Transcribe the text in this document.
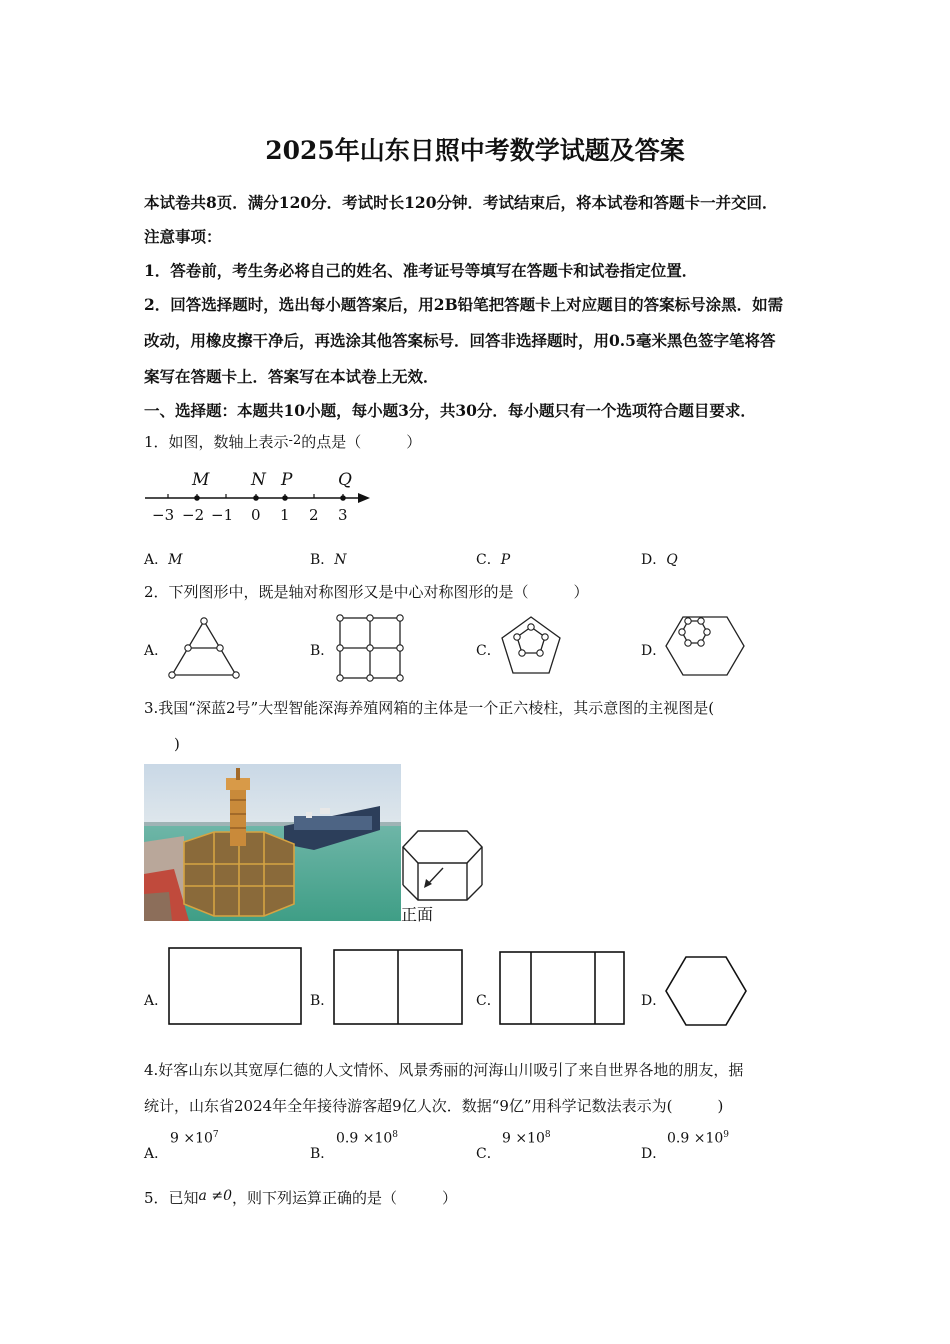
2025年山东日照中考数学试题及答案
本试卷共8页．满分120分．考试时长120分钟．考试结束后，将本试卷和答题卡一并交回．
注意事项：
1．答卷前，考生务必将自己的姓名、准考证号等填写在答题卡和试卷指定位置．
2．回答选择题时，选出每小题答案后，用2B铅笔把答题卡上对应题目的答案标号涂黑．如需
改动，用橡皮擦干净后，再选涂其他答案标号．回答非选择题时，用0.5毫米黑色签字笔将答
案写在答题卡上．答案写在本试卷上无效．
一、选择题：本题共10小题，每小题3分，共30分．每小题只有一个选项符合题目要求．
1．如图，数轴上表示-2的点是（　　　）
M N P	Q
−3 −2 −1 0 1 2 3
A．M	B．N	C．P	D．Q
2．下列图形中，既是轴对称图形又是中心对称图形的是（　　　）
A．	B．	C．	D．
3.我国“深蓝2号”大型智能深海养殖网箱的主体是一个正六棱柱，其示意图的主视图是(
　　)
正面
A．	B．	C．	D．
4.好客山东以其宽厚仁德的人文情怀、风景秀丽的河海山川吸引了来自世界各地的朋友，据
统计，山东省2024年全年接待游客超9亿人次．数据“9亿”用科学记数法表示为(　　　)
A．
$9 \times 10^7$
B．
$0.9 \times 10^8$
C．
$9 \times 10^8$
D．
$0.9 \times 10^9$
5．已知a ≠0，则下列运算正确的是（　　　）
